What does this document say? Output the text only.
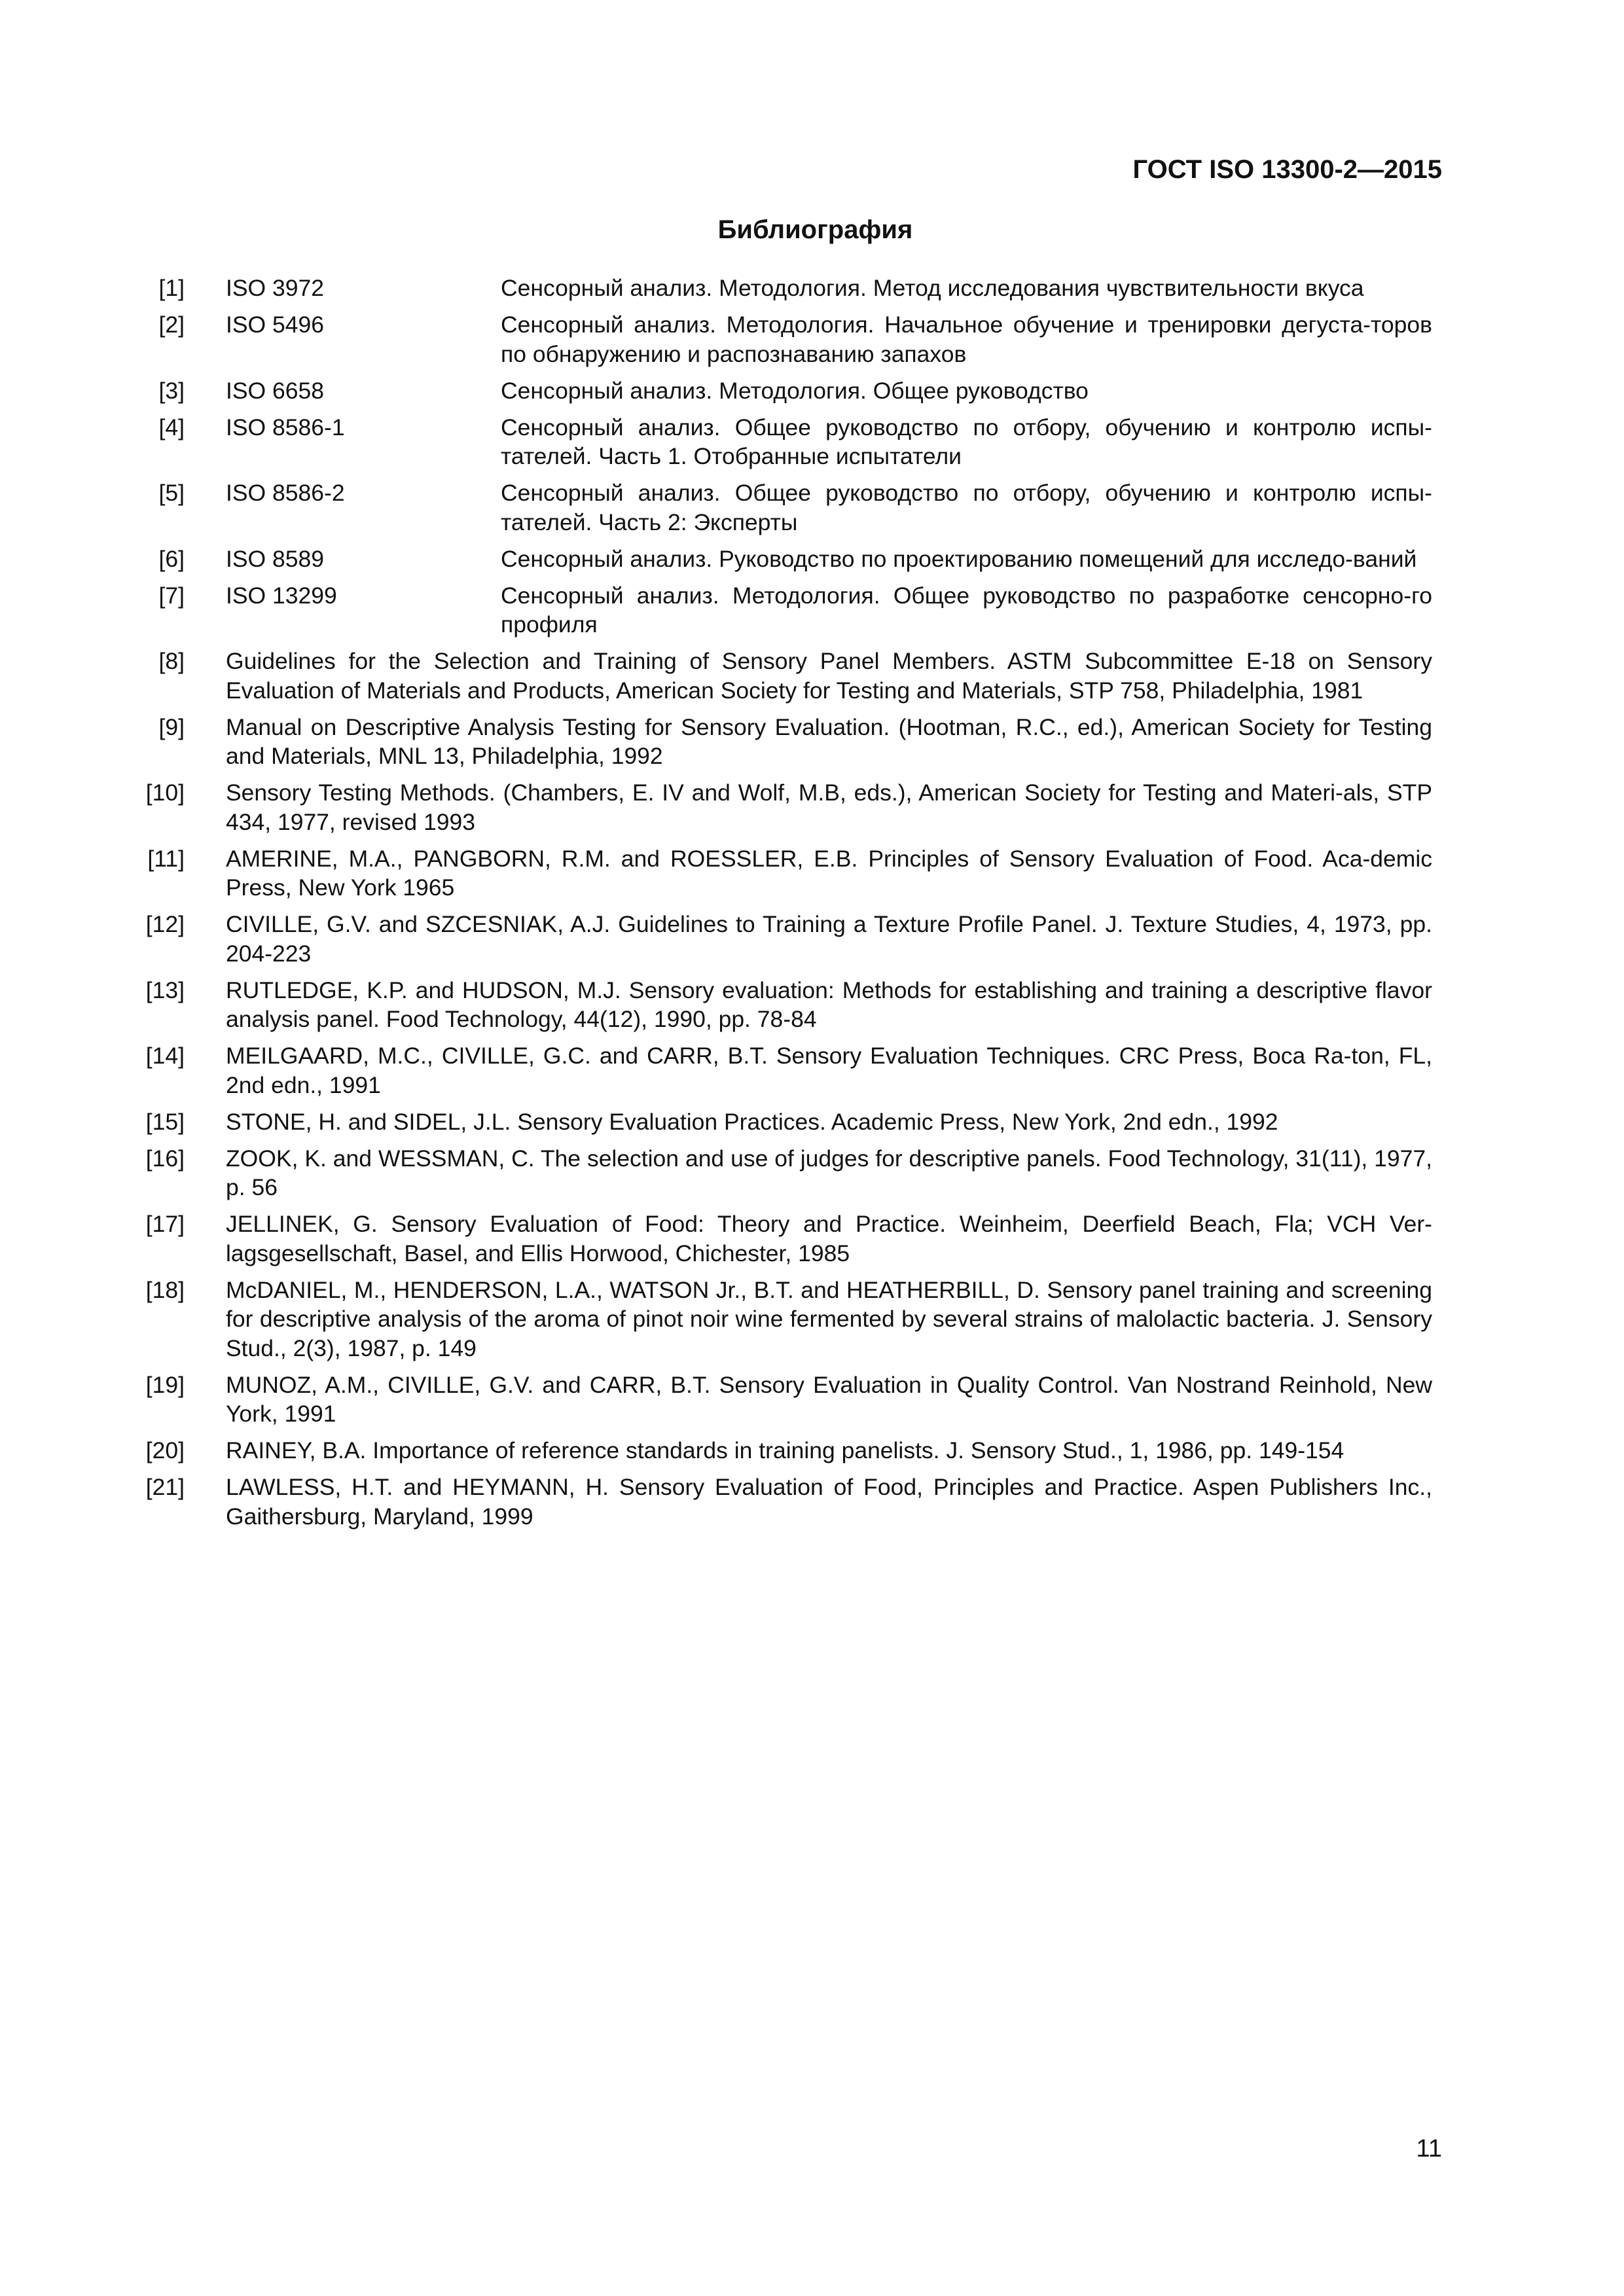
ГОСТ ISO 13300-2—2015
Библиография
[1] ISO 3972	Сенсорный анализ. Методология. Метод исследования чувствительности вкуса
[2] ISO 5496	Сенсорный анализ. Методология. Начальное обучение и тренировки дегуста-торов по обнаружению и распознаванию запахов
[3] ISO 6658	Сенсорный анализ. Методология. Общее руководство
[4] ISO 8586-1	Сенсорный анализ. Общее руководство по отбору, обучению и контролю испы-тателей. Часть 1. Отобранные испытатели
[5] ISO 8586-2	Сенсорный анализ. Общее руководство по отбору, обучению и контролю испы-тателей. Часть 2: Эксперты
[6] ISO 8589	Сенсорный анализ. Руководство по проектированию помещений для исследо-ваний
[7] ISO 13299	Сенсорный анализ. Методология. Общее руководство по разработке сенсорно-го профиля
[8] Guidelines for the Selection and Training of Sensory Panel Members. ASTM Subcommittee E-18 on Sensory Evaluation of Materials and Products, American Society for Testing and Materials, STP 758, Philadelphia, 1981
[9] Manual on Descriptive Analysis Testing for Sensory Evaluation. (Hootman, R.C., ed.), American Society for Testing and Materials, MNL 13, Philadelphia, 1992
[10] Sensory Testing Methods. (Chambers, E. IV and Wolf, M.B, eds.), American Society for Testing and Materi-als, STP 434, 1977, revised 1993
[11] AMERINE, M.A., PANGBORN, R.M. and ROESSLER, E.B. Principles of Sensory Evaluation of Food. Aca-demic Press, New York 1965
[12] CIVILLE, G.V. and SZCESNIAK, A.J. Guidelines to Training a Texture Profile Panel. J. Texture Studies, 4, 1973, pp. 204-223
[13] RUTLEDGE, K.P. and HUDSON, M.J. Sensory evaluation: Methods for establishing and training a descriptive flavor analysis panel. Food Technology, 44(12), 1990, pp. 78-84
[14] MEILGAARD, M.C., CIVILLE, G.C. and CARR, B.T. Sensory Evaluation Techniques. CRC Press, Boca Ra-ton, FL, 2nd edn., 1991
[15] STONE, H. and SIDEL, J.L. Sensory Evaluation Practices. Academic Press, New York, 2nd edn., 1992
[16] ZOOK, K. and WESSMAN, C. The selection and use of judges for descriptive panels. Food Technology, 31(11), 1977, p. 56
[17] JELLINEK, G. Sensory Evaluation of Food: Theory and Practice. Weinheim, Deerfield Beach, Fla; VCH Ver-lagsgesellschaft, Basel, and Ellis Horwood, Chichester, 1985
[18] McDANIEL, M., HENDERSON, L.A., WATSON Jr., B.T. and HEATHERBILL, D. Sensory panel training and screening for descriptive analysis of the aroma of pinot noir wine fermented by several strains of malolactic bacteria. J. Sensory Stud., 2(3), 1987, p. 149
[19] MUNOZ, A.M., CIVILLE, G.V. and CARR, B.T. Sensory Evaluation in Quality Control. Van Nostrand Reinhold, New York, 1991
[20] RAINEY, B.A. Importance of reference standards in training panelists. J. Sensory Stud., 1, 1986, pp. 149-154
[21] LAWLESS, H.T. and HEYMANN, H. Sensory Evaluation of Food, Principles and Practice. Aspen Publishers Inc., Gaithersburg, Maryland, 1999
11
